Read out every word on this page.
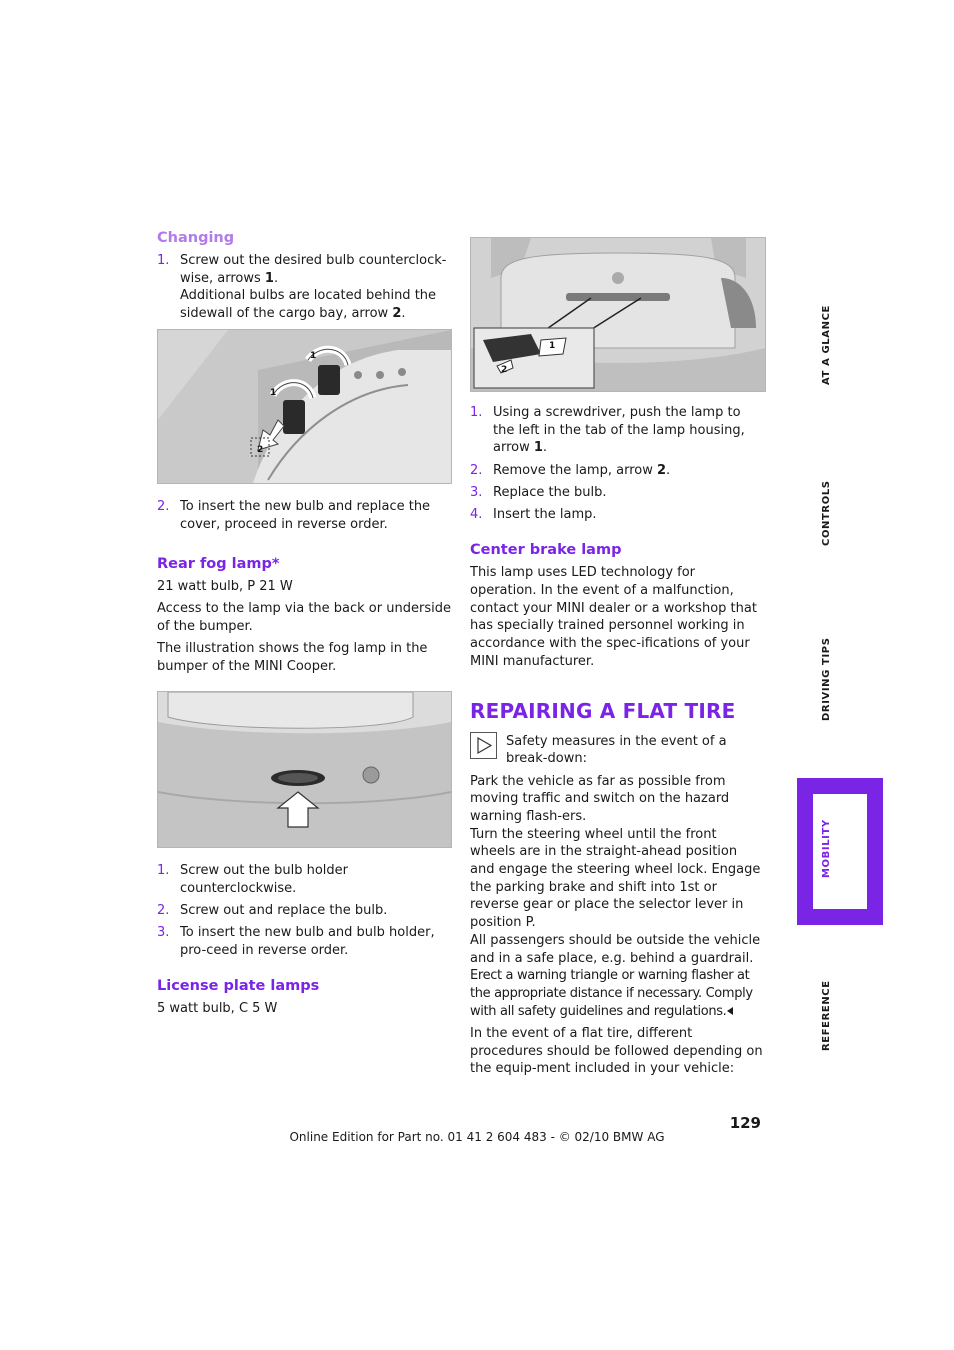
Changing
1. Screw out the desired bulb counterclock-wise, arrows 1.
Additional bulbs are located behind the sidewall of the cargo bay, arrow 2.
1
1
2
2. To insert the new bulb and replace the cover, proceed in reverse order.
Rear fog lamp*

21 watt bulb, P 21 W

Access to the lamp via the back or underside of the bumper.

The illustration shows the fog lamp in the bumper of the MINI Cooper.

1. Screw out the bulb holder counterclockwise.
2. Screw out and replace the bulb.
3. To insert the new bulb and bulb holder, pro-ceed in reverse order.
License plate lamps

5 watt bulb, C 5 W

1
2
1. Using a screwdriver, push the lamp to the left in the tab of the lamp housing, arrow 1.
2. Remove the lamp, arrow 2.
3. Replace the bulb.
4. Insert the lamp.
Center brake lamp

This lamp uses LED technology for operation. In the event of a malfunction, contact your MINI dealer or a workshop that has specially trained personnel working in accordance with the spec-ifications of your MINI manufacturer.

REPAIRING A FLAT TIRE

Safety measures in the event of a break-down:

Park the vehicle as far as possible from moving traffic and switch on the hazard warning flash-ers.

Turn the steering wheel until the front wheels are in the straight-ahead position and engage the steering wheel lock. Engage the parking brake and shift into 1st or reverse gear or place the selector lever in position P.

All passengers should be outside the vehicle and in a safe place, e.g. behind a guardrail.

Erect a warning triangle or warning flasher at the appropriate distance if necessary. Comply with all safety guidelines and regulations.

In the event of a flat tire, different procedures should be followed depending on the equip-ment included in your vehicle:

AT A GLANCE
CONTROLS
DRIVING TIPS
MOBILITY
REFERENCE
129
Online Edition for Part no. 01 41 2 604 483 - © 02/10 BMW AG
